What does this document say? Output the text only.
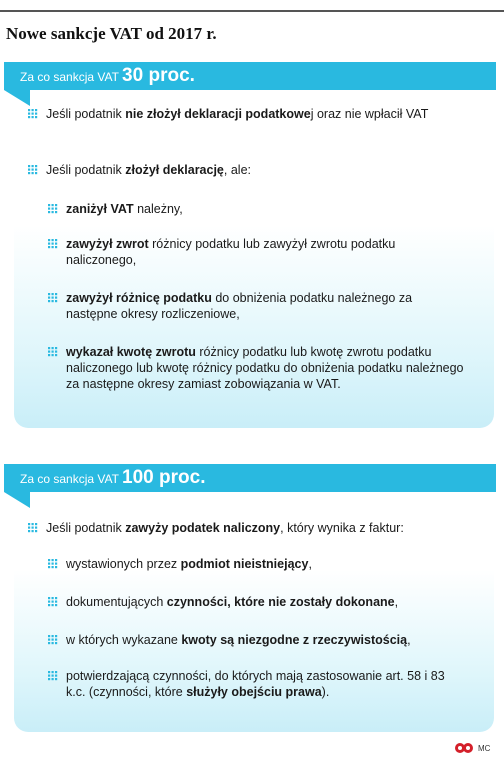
Nowe sankcje VAT od 2017 r.
Za co sankcja VAT 30 proc.
Jeśli podatnik nie złożył deklaracji podatkowej oraz nie wpłacił VAT
Jeśli podatnik złożył deklarację, ale:
zaniżył VAT należny,
zawyżył zwrot różnicy podatku lub zawyżył zwrotu podatku naliczonego,
zawyżył różnicę podatku do obniżenia podatku należnego za następne okresy rozliczeniowe,
wykazał kwotę zwrotu różnicy podatku lub kwotę zwrotu podatku naliczonego lub kwotę różnicy podatku do obniżenia podatku należnego za następne okresy zamiast zobowiązania w VAT.
Za co sankcja VAT 100 proc.
Jeśli podatnik zawyży podatek naliczony, który wynika z faktur:
wystawionych przez podmiot nieistniejący,
dokumentujących czynności, które nie zostały dokonane,
w których wykazane kwoty są niezgodne z rzeczywistością,
potwierdzającą czynności, do których mają zastosowanie art. 58 i 83 k.c. (czynności, które służyły obejściu prawa).
MC
